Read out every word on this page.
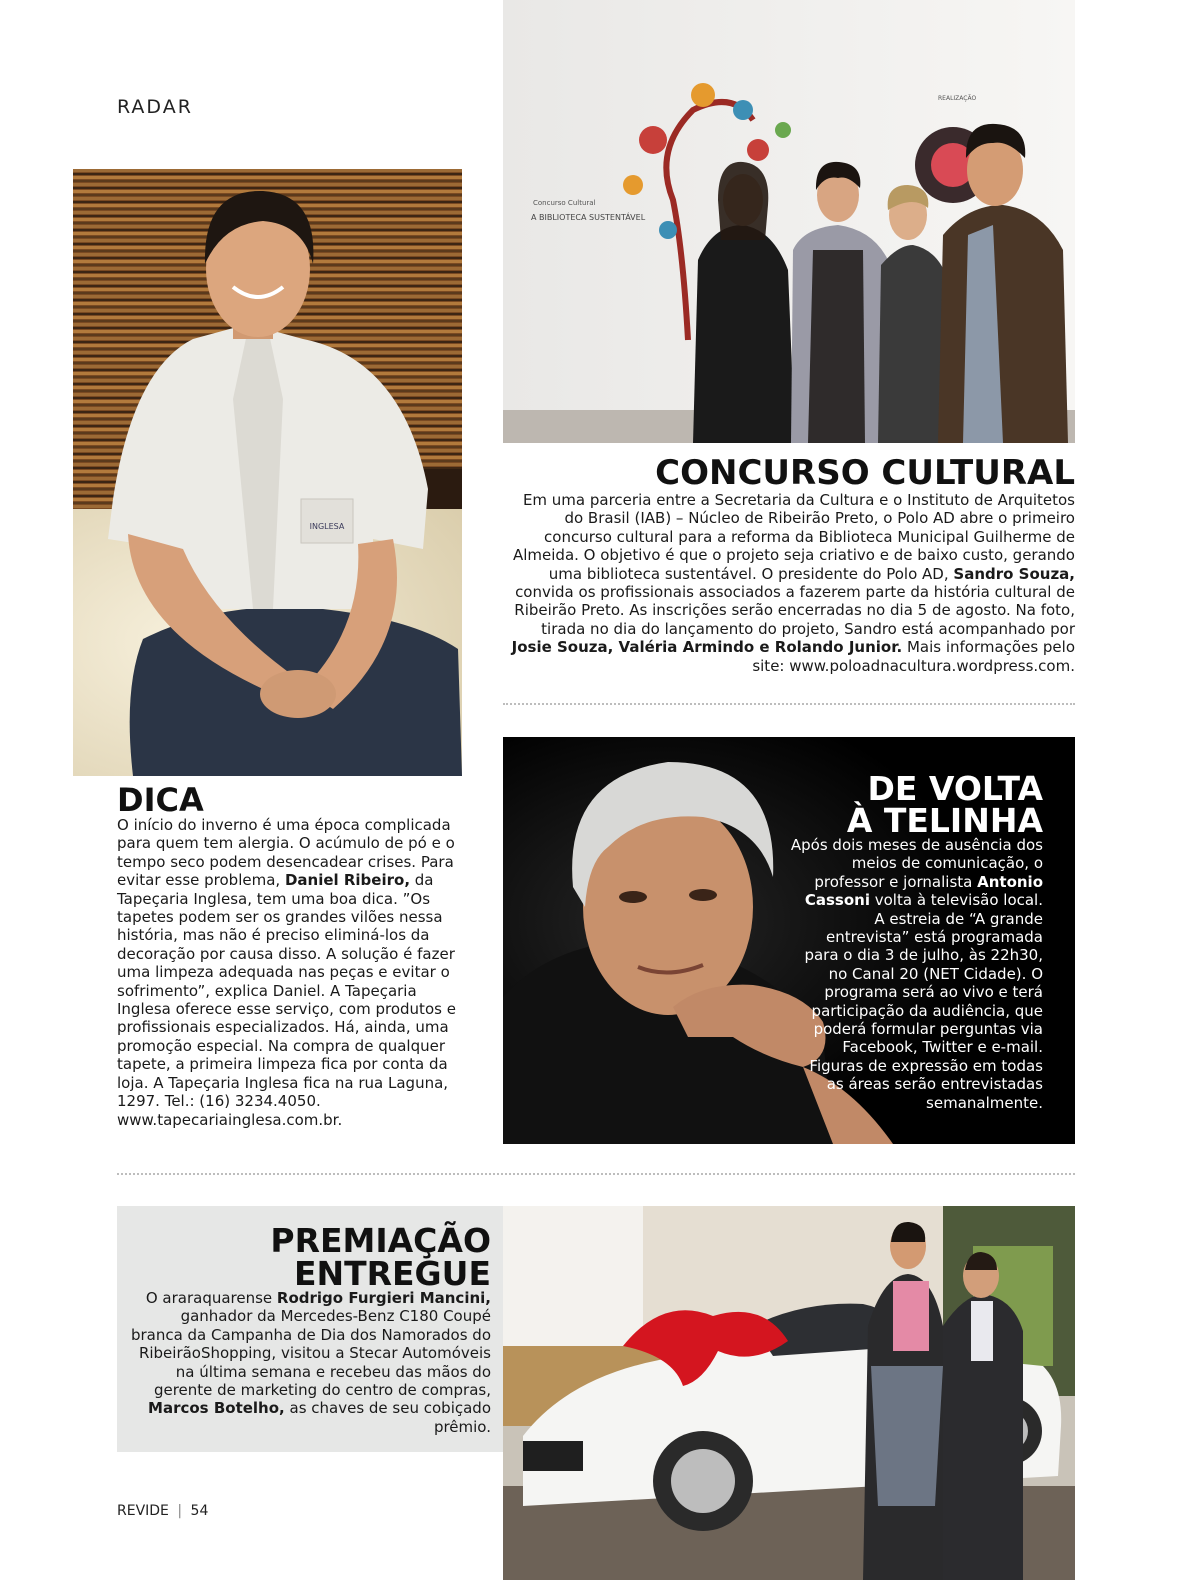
RADAR
INGLESA
DICA

O início do inverno é uma época complicada para quem tem alergia. O acúmulo de pó e o tempo seco podem desencadear crises. Para evitar esse problema, Daniel Ribeiro, da Tapeçaria Inglesa, tem uma boa dica. ”Os tapetes podem ser os grandes vilões nessa história, mas não é preciso eliminá-los da decoração por causa disso. A solução é fazer uma limpeza adequada nas peças e evitar o sofrimento”, explica Daniel. A Tapeçaria Inglesa oferece esse serviço, com produtos e profissionais especializados. Há, ainda, uma promoção especial. Na compra de qualquer tapete, a primeira limpeza fica por conta da loja. A Tapeçaria Inglesa fica na rua Laguna, 1297. Tel.: (16) 3234.4050. www.tapecariainglesa.com.br.

Concurso Cultural
A BIBLIOTECA SUSTENTÁVEL
REALIZAÇÃO
CONCURSO CULTURAL

Em uma parceria entre a Secretaria da Cultura e o Instituto de Arquitetos do Brasil (IAB) – Núcleo de Ribeirão Preto, o Polo AD abre o primeiro concurso cultural para a reforma da Biblioteca Municipal Guilherme de Almeida. O objetivo é que o projeto seja criativo e de baixo custo, gerando uma biblioteca sustentável. O presidente do Polo AD, Sandro Souza, convida os profissionais associados a fazerem parte da história cultural de Ribeirão Preto. As inscrições serão encerradas no dia 5 de agosto. Na foto, tirada no dia do lançamento do projeto, Sandro está acompanhado por Josie Souza, Valéria Armindo e Rolando Junior. Mais informações pelo site: www.poloadnacultura.wordpress.com.

DE VOLTA
À TELINHA

Após dois meses de ausência dos meios de comunicação, o professor e jornalista Antonio Cassoni volta à televisão local. A estreia de “A grande entrevista” está programada para o dia 3 de julho, às 22h30, no Canal 20 (NET Cidade). O programa será ao vivo e terá participação da audiência, que poderá formular perguntas via Facebook, Twitter e e-mail. Figuras de expressão em todas as áreas serão entrevistadas semanalmente.

PREMIAÇÃO
ENTREGUE

O araraquarense Rodrigo Furgieri Mancini, ganhador da Mercedes-Benz C180 Coupé branca da Campanha de Dia dos Namorados do RibeirãoShopping, visitou a Stecar Automóveis na última semana e recebeu das mãos do gerente de marketing do centro de compras, Marcos Botelho, as chaves de seu cobiçado prêmio.

REVIDE | 54
